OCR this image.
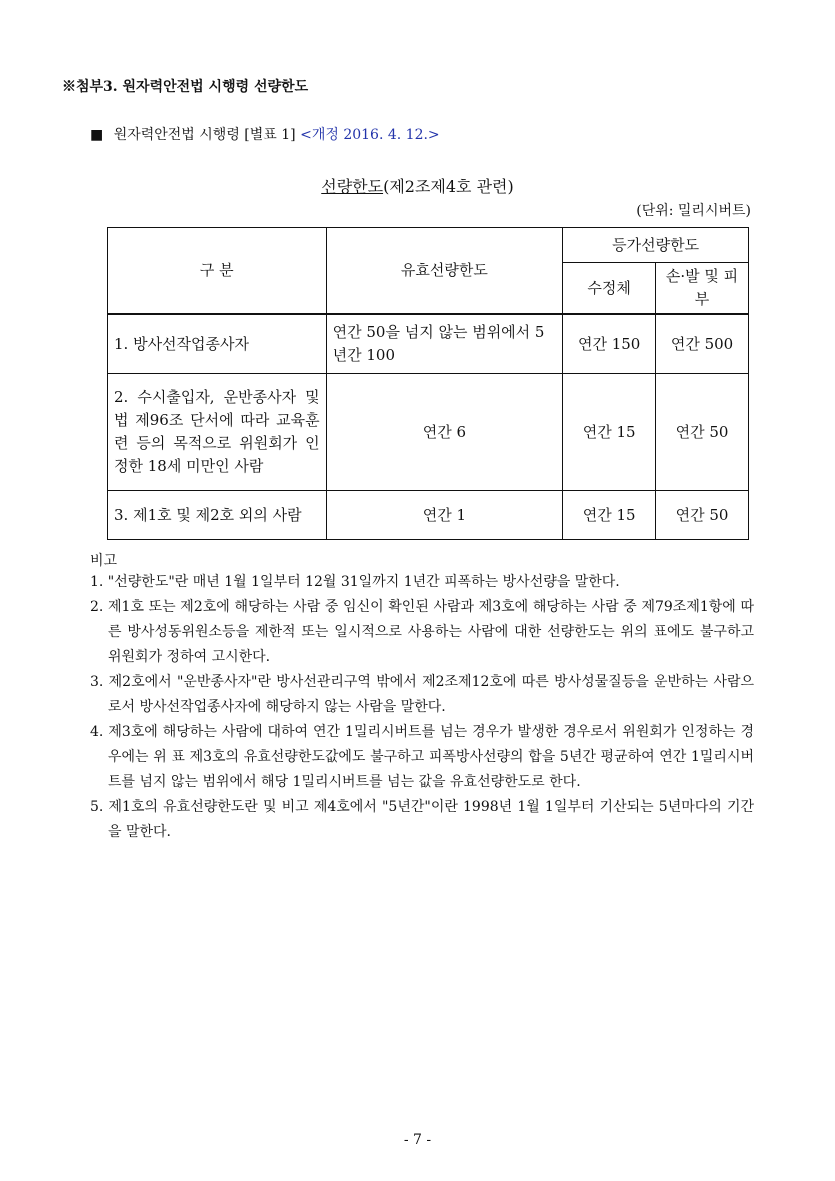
※첨부3. 원자력안전법 시행령 선량한도
■ 원자력안전법 시행령 [별표 1] <개정 2016. 4. 12.>
선량한도(제2조제4호 관련)
(단위: 밀리시버트)
구 분	유효선량한도	등가선량한도	
		수정체	손·발 및 피부
1. 방사선작업종사자	연간 50을 넘지 않는 범위에서 5년간 100	연간 150	연간 500
2. 수시출입자, 운반종사자 및 법 제96조 단서에 따라 교육훈련 등의 목적으로 위원회가 인정한 18세 미만인 사람	연간 6	연간 15	연간 50
3. 제1호 및 제2호 외의 사람	연간 1	연간 15	연간 50
비고
1. "선량한도"란 매년 1월 1일부터 12월 31일까지 1년간 피폭하는 방사선량을 말한다.
2. 제1호 또는 제2호에 해당하는 사람 중 임신이 확인된 사람과 제3호에 해당하는 사람 중 제79조제1항에 따른 방사성동위원소등을 제한적 또는 일시적으로 사용하는 사람에 대한 선량한도는 위의 표에도 불구하고 위원회가 정하여 고시한다.
3. 제2호에서 "운반종사자"란 방사선관리구역 밖에서 제2조제12호에 따른 방사성물질등을 운반하는 사람으로서 방사선작업종사자에 해당하지 않는 사람을 말한다.
4. 제3호에 해당하는 사람에 대하여 연간 1밀리시버트를 넘는 경우가 발생한 경우로서 위원회가 인정하는 경우에는 위 표 제3호의 유효선량한도값에도 불구하고 피폭방사선량의 합을 5년간 평균하여 연간 1밀리시버트를 넘지 않는 범위에서 해당 1밀리시버트를 넘는 값을 유효선량한도로 한다.
5. 제1호의 유효선량한도란 및 비고 제4호에서 "5년간"이란 1998년 1월 1일부터 기산되는 5년마다의 기간을 말한다.
- 7 -
